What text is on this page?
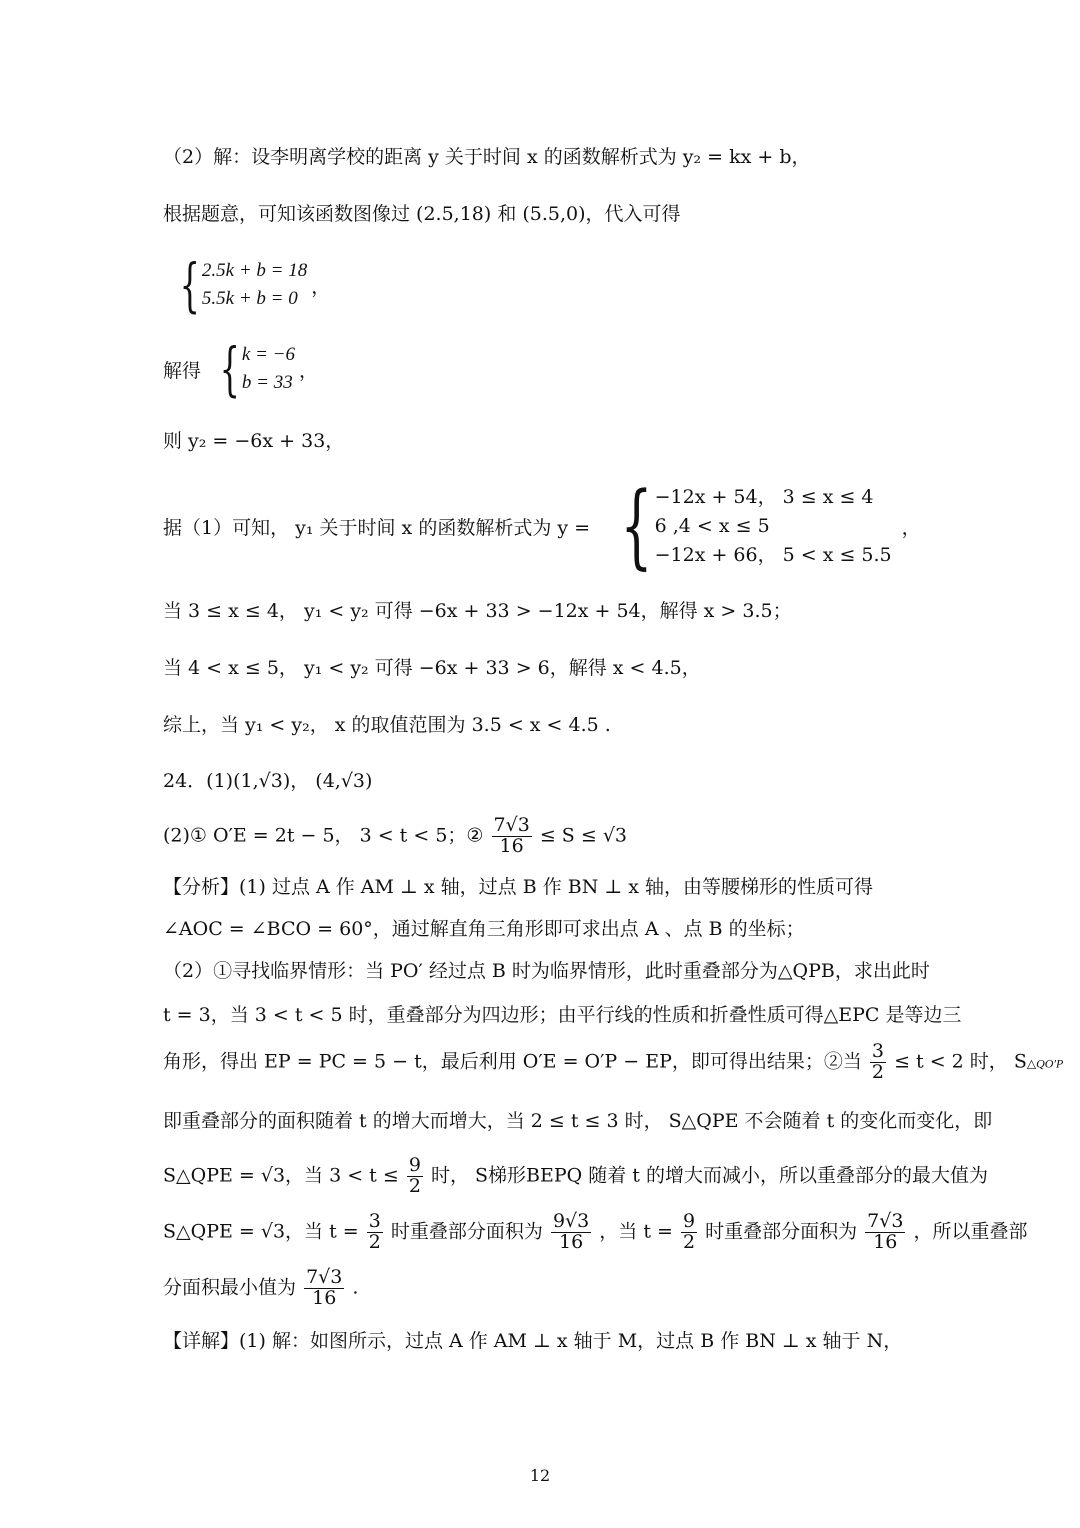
（2）解：设李明离学校的距离 y 关于时间 x 的函数解析式为 y₂ = kx + b，
根据题意，可知该函数图像过 (2.5,18) 和 (5.5,0)，代入可得
{ 2.5k + b = 18
5.5k + b = 0
，
解得 { k = −6
b = 33
，
则 y₂ = −6x + 33，
据（1）可知， y₁ 关于时间 x 的函数解析式为 y = { −12x + 54， 3 ≤ x ≤ 4
6 ,4 < x ≤ 5
−12x + 66， 5 < x ≤ 5.5
，
当 3 ≤ x ≤ 4， y₁ < y₂ 可得 −6x + 33 > −12x + 54，解得 x > 3.5；
当 4 < x ≤ 5， y₁ < y₂ 可得 −6x + 33 > 6，解得 x < 4.5，
综上，当 y₁ < y₂， x 的取值范围为 3.5 < x < 4.5 .
24．(1)(1,√3)， (4,√3)
(2)① O′E = 2t − 5， 3 < t < 5；② $\frac{7√3}{16} \le S \le √3$
【分析】(1) 过点 A 作 AM ⊥ x 轴，过点 B 作 BN ⊥ x 轴，由等腰梯形的性质可得
∠AOC = ∠BCO = 60°，通过解直角三角形即可求出点 A 、点 B 的坐标；
（2）①寻找临界情形：当 PO′ 经过点 B 时为临界情形，此时重叠部分为△QPB，求出此时
t = 3，当 3 < t < 5 时，重叠部分为四边形；由平行线的性质和折叠性质可得△EPC 是等边三
角形，得出 EP = PC = 5 − t，最后利用 O′E = O′P − EP，即可得出结果；②当 $\frac{3}{2} \le t < 2$ 时， S△QO′P
即重叠部分的面积随着 t 的增大而增大，当 2 ≤ t ≤ 3 时， S△QPE 不会随着 t 的变化而变化，即
S△QPE = √3，当 $3 < t \le \frac{9}{2}$ 时， S梯形BEPQ 随着 t 的增大而减小，所以重叠部分的最大值为
S△QPE = √3，当 $t = \frac{3}{2}$ 时重叠部分面积为 $\frac{9√3}{16}$ ，当 $t = \frac{9}{2}$ 时重叠部分面积为 $\frac{7√3}{16}$ ，所以重叠部
分面积最小值为 $\frac{7√3}{16}$ .
【详解】(1) 解：如图所示，过点 A 作 AM ⊥ x 轴于 M，过点 B 作 BN ⊥ x 轴于 N，
12
